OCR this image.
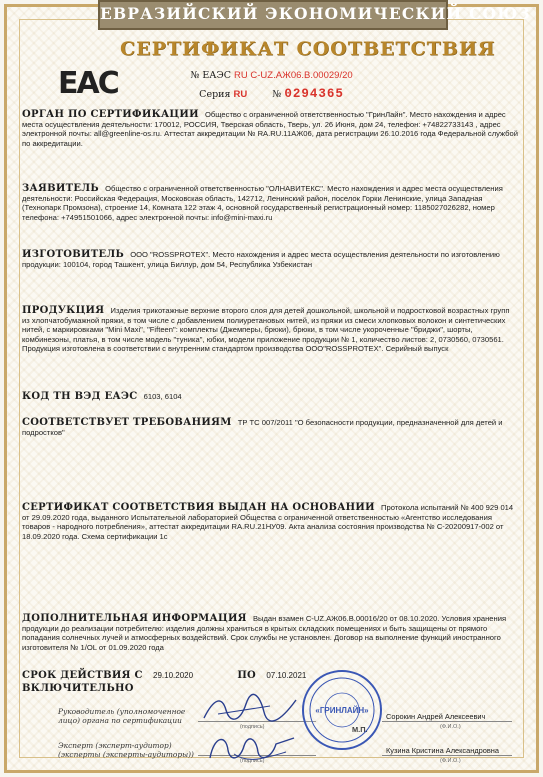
ЕВРАЗИЙСКИЙ ЭКОНОМИЧЕСКИЙ СОЮЗ
СЕРТИФИКАТ СООТВЕТСТВИЯ
ЕАС	№ ЕАЭС RU C-UZ.АЖ06.В.00029/20
Серия RU	№ 0294365
ОРГАН ПО СЕРТИФИКАЦИИ Общество с ограниченной ответственностью "ГринЛайн". Место нахождения и адрес места осуществления деятельности: 170012, РОССИЯ, Тверская область, Тверь, ул. 26 Июня, дом 24, телефон: +74822733143 , адрес электронной почты: all@greenline-os.ru. Аттестат аккредитации № RA.RU.11АЖ06, дата регистрации 26.10.2016 года Федеральной службой по аккредитации.
ЗАЯВИТЕЛЬ Общество с ограниченной ответственностью "ОЛНАВИТЕКС". Место нахождения и адрес места осуществления деятельности: Российская Федерация, Московская область, 142712, Ленинский район, поселок Горки Ленинские, улица Западная (Технопарк Промзона), строение 14, Комната 122 этаж 4, основной государственный регистрационный номер: 1185027026282, номер телефона: +74951501066, адрес электронной почты: info@mini-maxi.ru
ИЗГОТОВИТЕЛЬ ООО "ROSSPROTEX". Место нахождения и адрес места осуществления деятельности по изготовлению продукции: 100104, город Ташкент, улица Биллур, дом 54, Республика Узбекистан
ПРОДУКЦИЯ Изделия трикотажные верхние второго слоя для детей дошкольной, школьной и подростковой возрастных групп из хлопчатобумажной пряжи, в том числе с добавлением полиуретановых нитей, из пряжи из смеси хлопковых волокон и синтетических нитей, с маркировками "Mini Maxi", "Fifteen": комплекты (Джемперы, брюки), брюки, в том числе укороченные "бриджи", шорты, комбинезоны, платья, в том числе модель "туника", юбки, модели приложение продукции № 1, количество листов: 2, 0730560, 0730561.
Продукция изготовлена в соответствии с внутренним стандартом производства ООО"ROSSPROTEX". Серийный выпуск
КОД ТН ВЭД ЕАЭС 6103, 6104
СООТВЕТСТВУЕТ ТРЕБОВАНИЯМ ТР ТС 007/2011 "О безопасности продукции, предназначенной для детей и подростков"
СЕРТИФИКАТ СООТВЕТСТВИЯ ВЫДАН НА ОСНОВАНИИ Протокола испытаний № 400 929 014 от 29.09.2020 года, выданного Испытательной лабораторией Общества с ограниченной ответственностью «Агентство исследования товаров - народного потребления», аттестат аккредитации RA.RU.21НУ09. Акта анализа состояния производства № С-20200917-002 от 18.09.2020 года. Схема сертификации 1с
ДОПОЛНИТЕЛЬНАЯ ИНФОРМАЦИЯ Выдан взамен C-UZ.АЖ06.В.00016/20 от 08.10.2020. Условия хранения продукции до реализации потребителю: изделия должны храниться в крытых складских помещениях и быть защищены от прямого попадания солнечных лучей и атмосферных воздействий. Срок службы не установлен. Договор на выполнение функций иностранного изготовителя № 1/OL от 01.09.2020 года
СРОК ДЕЙСТВИЯ С 29.10.2020	ПО 07.10.2021
ВКЛЮЧИТЕЛЬНО
Руководитель (уполномоченное
лицо) органа по сертификации
(подпись)
Сорокин Андрей Алексеевич
(Ф.И.О.)
Эксперт (эксперт-аудитор)
(эксперты (эксперты-аудиторы))
(подпись)
Кузина Кристина Александровна
(Ф.И.О.)
«ГРИНЛАЙН»
